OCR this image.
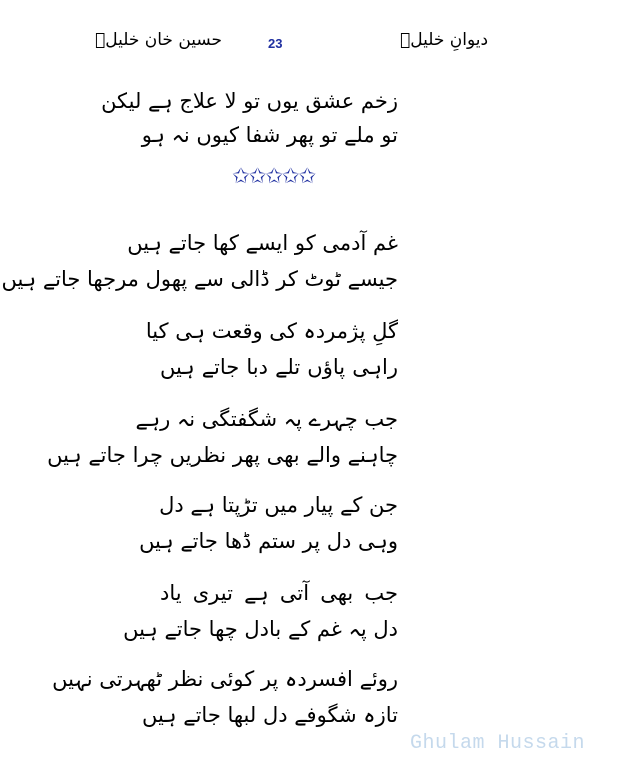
حسین خان خلیلؔ	23	دیوانِ خلیلؔ
زخم عشق یوں تو لا علاج ہے لیکن
تو ملے تو پھر شفا کیوں نہ ہو
✩✩✩✩✩
غم آدمی کو ایسے کھا جاتے ہیں
جیسے ٹوٹ کر ڈالی سے پھول مرجھا جاتے ہیں
گلِ پژمردہ کی وقعت ہی کیا
راہی پاؤں تلے دبا جاتے ہیں
جب چہرے پہ شگفتگی نہ رہے
چاہنے والے بھی پھر نظریں چرا جاتے ہیں
جن کے پیار میں تڑپتا ہے دل
وہی دل پر ستم ڈھا جاتے ہیں
جب بھی آتی ہے تیری یاد
دل پہ غم کے بادل چھا جاتے ہیں
روئے افسردہ پر کوئی نظر ٹھہرتی نہیں
تازہ شگوفے دل لبھا جاتے ہیں
Ghulam Hussain
